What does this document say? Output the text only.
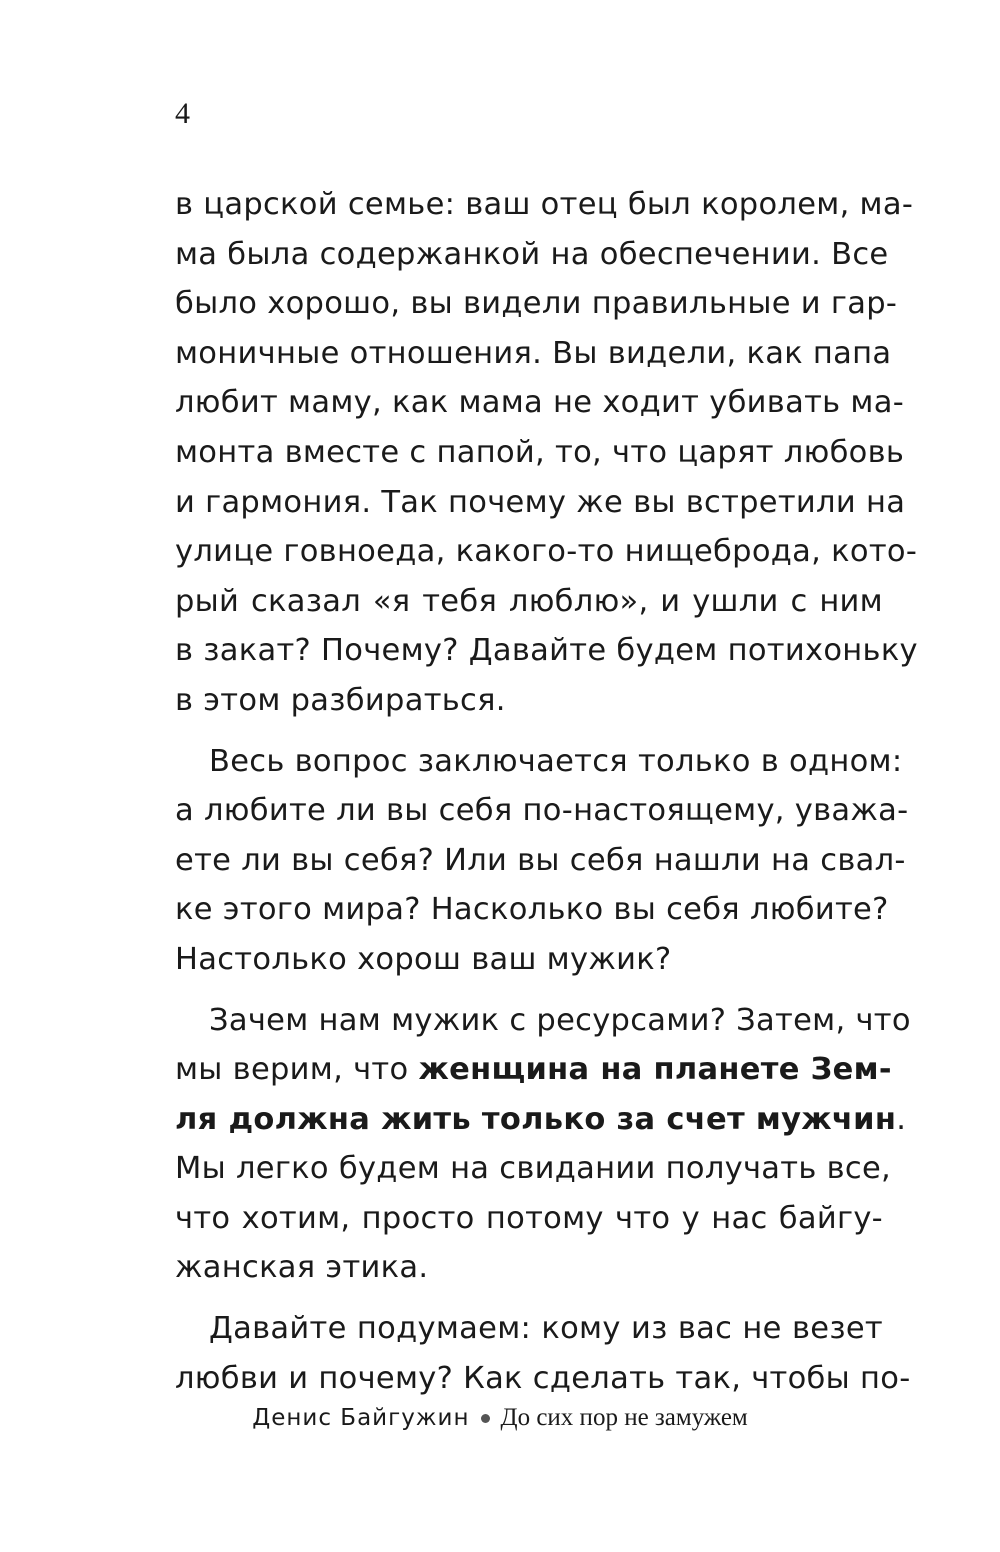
4

в царской семье: ваш отец был королем, ма-
ма была содержанкой на обеспечении. Все
было хорошо, вы видели правильные и гар-
моничные отношения. Вы видели, как папа
любит маму, как мама не ходит убивать ма-
монта вместе с папой, то, что царят любовь
и гармония. Так почему же вы встретили на
улице говноеда, какого-то нищеброда, кото-
рый сказал «я тебя люблю», и ушли с ним
в закат? Почему? Давайте будем потихоньку
в этом разбираться.

Весь вопрос заключается только в одном:
а любите ли вы себя по-настоящему, уважа-
ете ли вы себя? Или вы себя нашли на свал-
ке этого мира? Насколько вы себя любите?
Настолько хорош ваш мужик?

Зачем нам мужик с ресурсами? Затем, что
мы верим, что женщина на планете Зем-
ля должна жить только за счет мужчин.
Мы легко будем на свидании получать все,
что хотим, просто потому что у нас байгу-
жанская этика.

Давайте подумаем: кому из вас не везет
любви и почему? Как сделать так, чтобы по-

Денис Байгужин До сих пор не замужем
